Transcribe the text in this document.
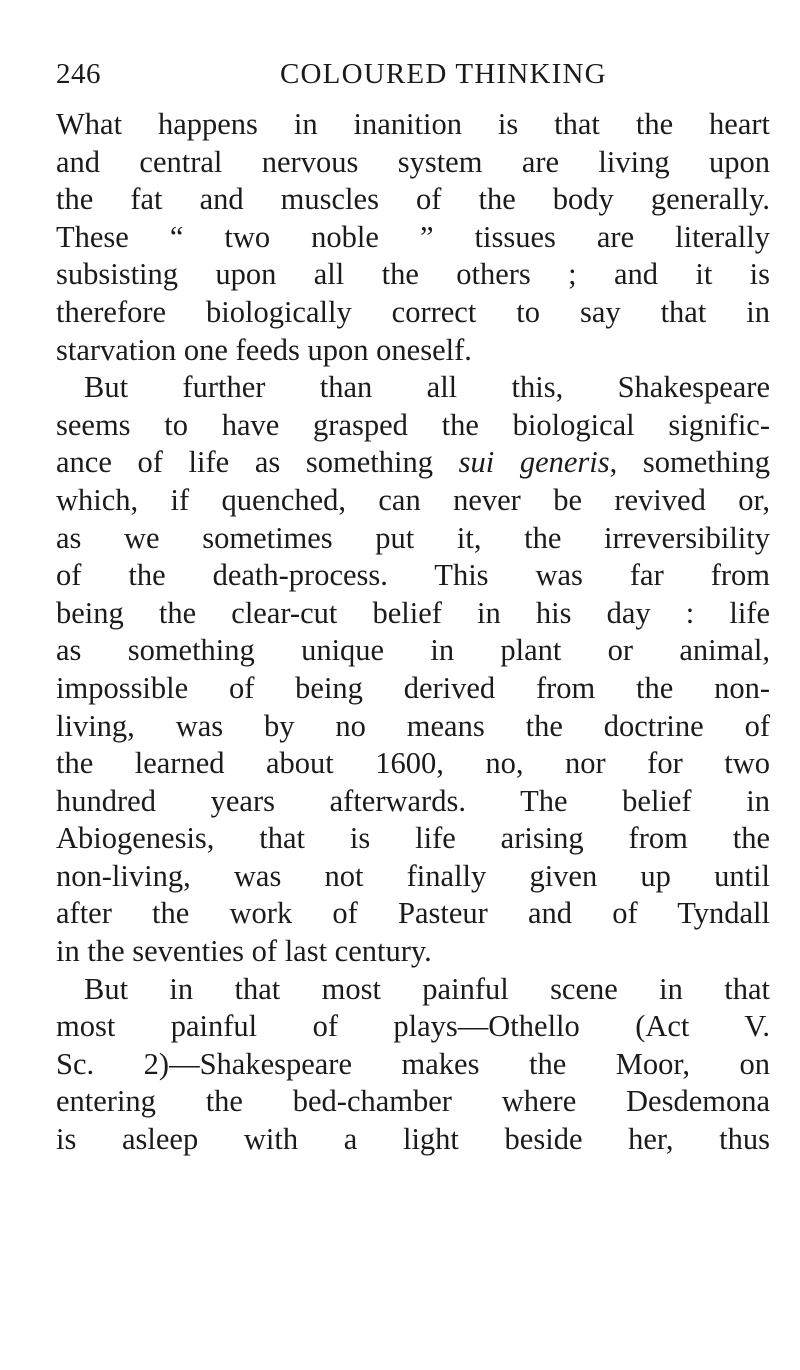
246	COLOURED THINKING
What happens in inanition is that the heart
and central nervous system are living upon
the fat and muscles of the body generally.
These “ two noble ” tissues are literally
subsisting upon all the others ; and it is
therefore biologically correct to say that in
starvation one feeds upon oneself.
But further than all this, Shakespeare
seems to have grasped the biological signific-
ance of life as something sui generis, something
which, if quenched, can never be revived or,
as we sometimes put it, the irreversibility
of the death-process. This was far from
being the clear-cut belief in his day : life
as something unique in plant or animal,
impossible of being derived from the non-
living, was by no means the doctrine of
the learned about 1600, no, nor for two
hundred years afterwards. The belief in
Abiogenesis, that is life arising from the
non-living, was not finally given up until
after the work of Pasteur and of Tyndall
in the seventies of last century.
But in that most painful scene in that
most painful of plays—Othello (Act V.
Sc. 2)—Shakespeare makes the Moor, on
entering the bed-chamber where Desdemona
is asleep with a light beside her, thus
